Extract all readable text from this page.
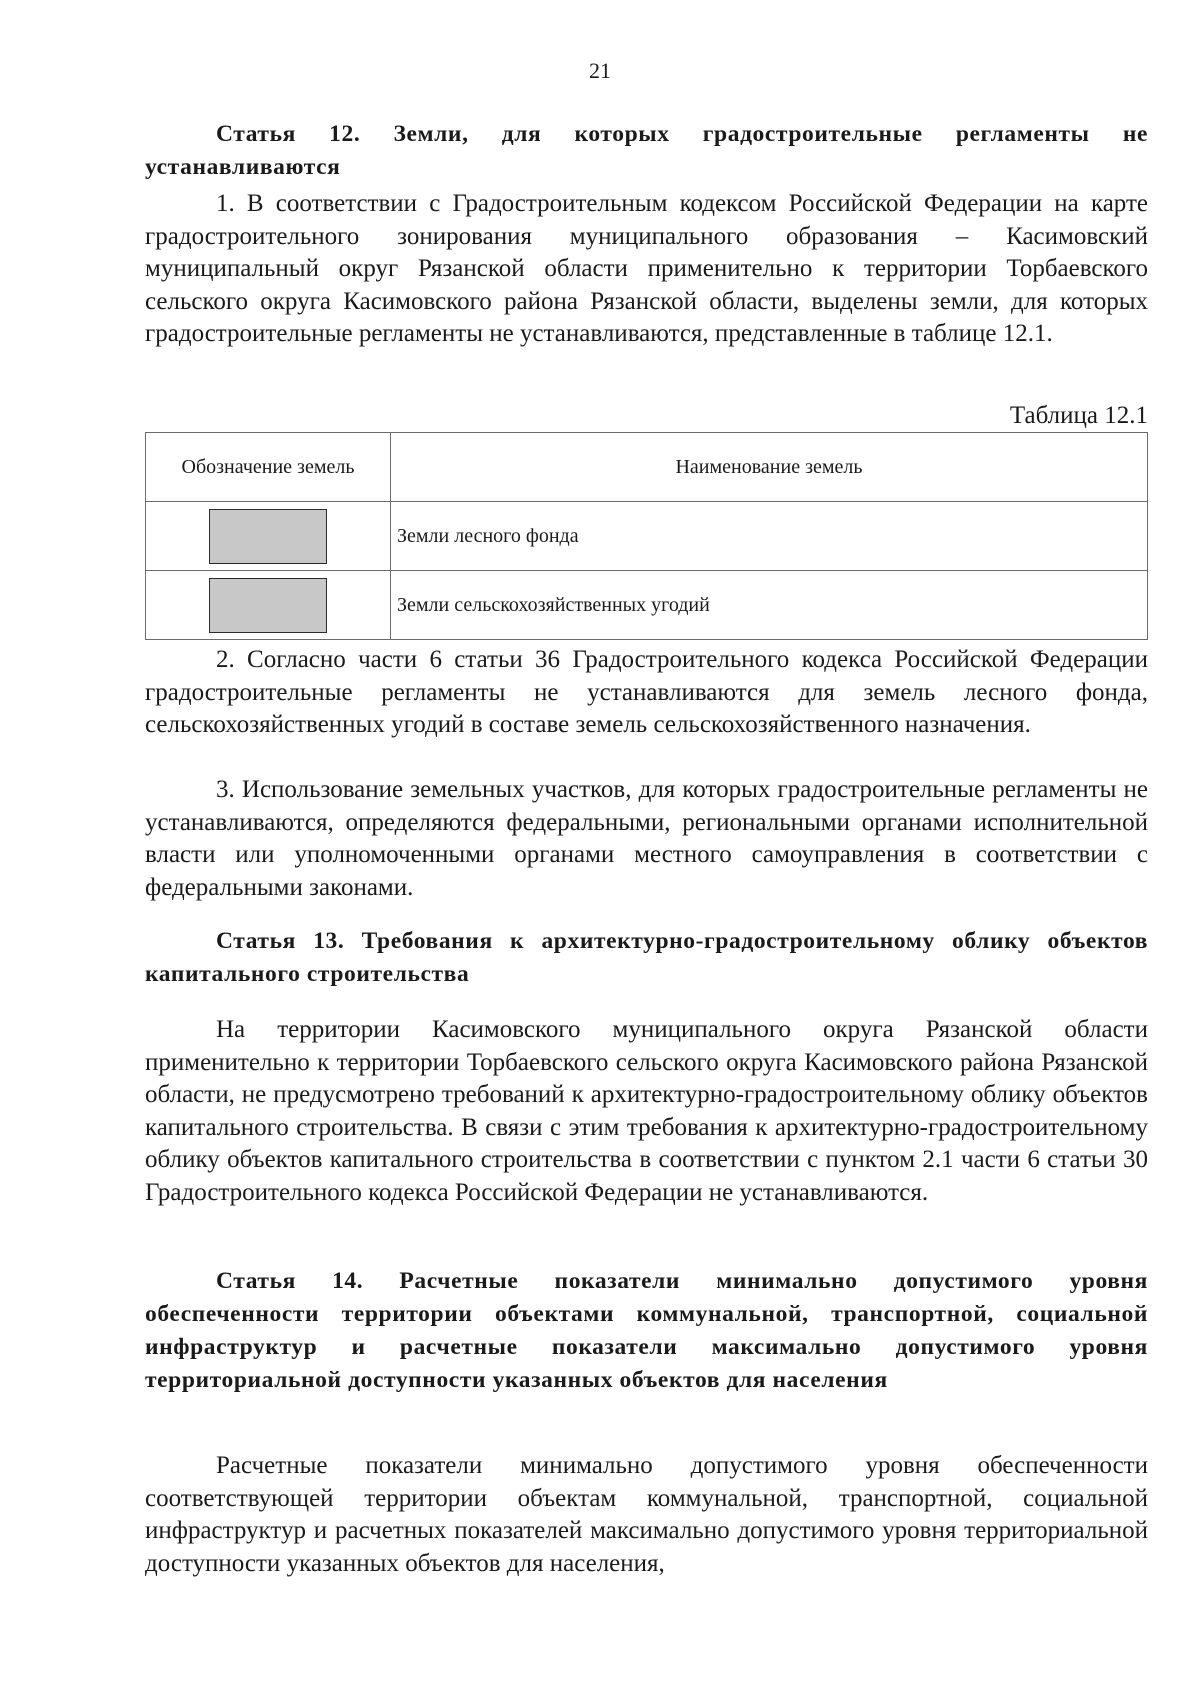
21

Статья 12. Земли, для которых градостроительные регламенты не устанавливаются

1. В соответствии с Градостроительным кодексом Российской Федерации на карте градостроительного зонирования муниципального образования – Касимовский муниципальный округ Рязанской области применительно к территории Торбаевского сельского округа Касимовского района Рязанской области, выделены земли, для которых градостроительные регламенты не устанавливаются, представленные в таблице 12.1.

Таблица 12.1
Обозначение земель	Наименование земель
	Земли лесного фонда
	Земли сельскохозяйственных угодий

2. Согласно части 6 статьи 36 Градостроительного кодекса Российской Федерации градостроительные регламенты не устанавливаются для земель лесного фонда, сельскохозяйственных угодий в составе земель сельскохозяйственного назначения.

3. Использование земельных участков, для которых градостроительные регламенты не устанавливаются, определяются федеральными, региональными органами исполнительной власти или уполномоченными органами местного самоуправления в соответствии с федеральными законами.

Статья 13. Требования к архитектурно-градостроительному облику объектов капитального строительства

На территории Касимовского муниципального округа Рязанской области применительно к территории Торбаевского сельского округа Касимовского района Рязанской области, не предусмотрено требований к архитектурно-градостроительному облику объектов капитального строительства. В связи с этим требования к архитектурно-градостроительному облику объектов капитального строительства в соответствии с пунктом 2.1 части 6 статьи 30 Градостроительного кодекса Российской Федерации не устанавливаются.

Статья 14. Расчетные показатели минимально допустимого уровня обеспеченности территории объектами коммунальной, транспортной, социальной инфраструктур и расчетные показатели максимально допустимого уровня территориальной доступности указанных объектов для населения

Расчетные показатели минимально допустимого уровня обеспеченности соответствующей территории объектам коммунальной, транспортной, социальной инфраструктур и расчетных показателей максимально допустимого уровня территориальной доступности указанных объектов для населения,
